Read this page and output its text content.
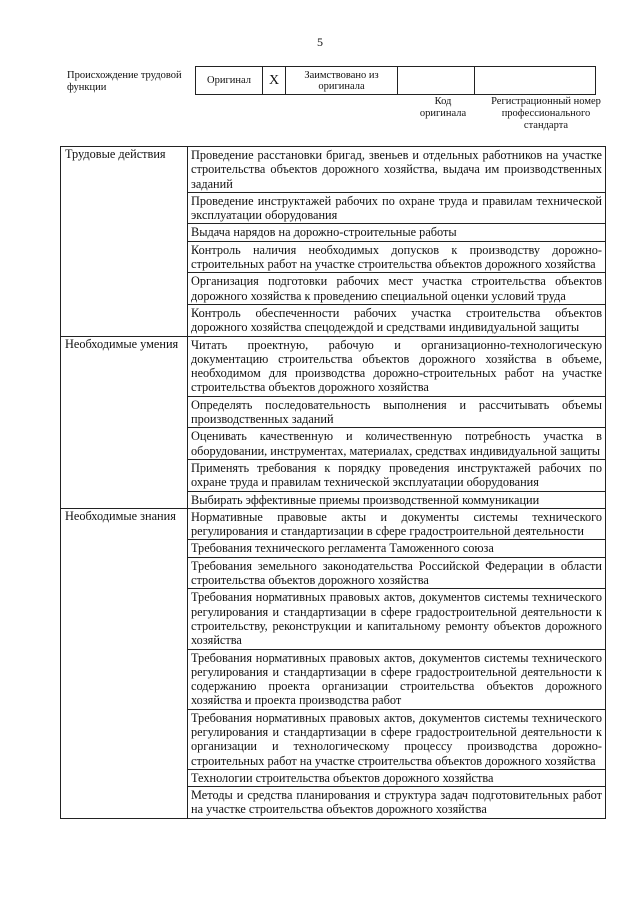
5
Происхождение трудовой функции
Оригинал	X	Заимствовано из оригинала		
Код оригинала
Регистрационный номер профессионального стандарта
Трудовые действия	Проведение расстановки бригад, звеньев и отдельных работников на участке строительства объектов дорожного хозяйства, выдача им производственных заданий
	Проведение инструктажей рабочих по охране труда и правилам технической эксплуатации оборудования
	Выдача нарядов на дорожно-строительные работы
	Контроль наличия необходимых допусков к производству дорожно-строительных работ на участке строительства объектов дорожного хозяйства
	Организация подготовки рабочих мест участка строительства объектов дорожного хозяйства к проведению специальной оценки условий труда
	Контроль обеспеченности рабочих участка строительства объектов дорожного хозяйства спецодеждой и средствами индивидуальной защиты
Необходимые умения	Читать проектную, рабочую и организационно-технологическую документацию строительства объектов дорожного хозяйства в объеме, необходимом для производства дорожно-строительных работ на участке строительства объектов дорожного хозяйства
	Определять последовательность выполнения и рассчитывать объемы производственных заданий
	Оценивать качественную и количественную потребность участка в оборудовании, инструментах, материалах, средствах индивидуальной защиты
	Применять требования к порядку проведения инструктажей рабочих по охране труда и правилам технической эксплуатации оборудования
	Выбирать эффективные приемы производственной коммуникации
Необходимые знания	Нормативные правовые акты и документы системы технического регулирования и стандартизации в сфере градостроительной деятельности
	Требования технического регламента Таможенного союза
	Требования земельного законодательства Российской Федерации в области строительства объектов дорожного хозяйства
	Требования нормативных правовых актов, документов системы технического регулирования и стандартизации в сфере градостроительной деятельности к строительству, реконструкции и капитальному ремонту объектов дорожного хозяйства
	Требования нормативных правовых актов, документов системы технического регулирования и стандартизации в сфере градостроительной деятельности к содержанию проекта организации строительства объектов дорожного хозяйства и проекта производства работ
	Требования нормативных правовых актов, документов системы технического регулирования и стандартизации в сфере градостроительной деятельности к организации и технологическому процессу производства дорожно-строительных работ на участке строительства объектов дорожного хозяйства
	Технологии строительства объектов дорожного хозяйства
	Методы и средства планирования и структура задач подготовительных работ на участке строительства объектов дорожного хозяйства
